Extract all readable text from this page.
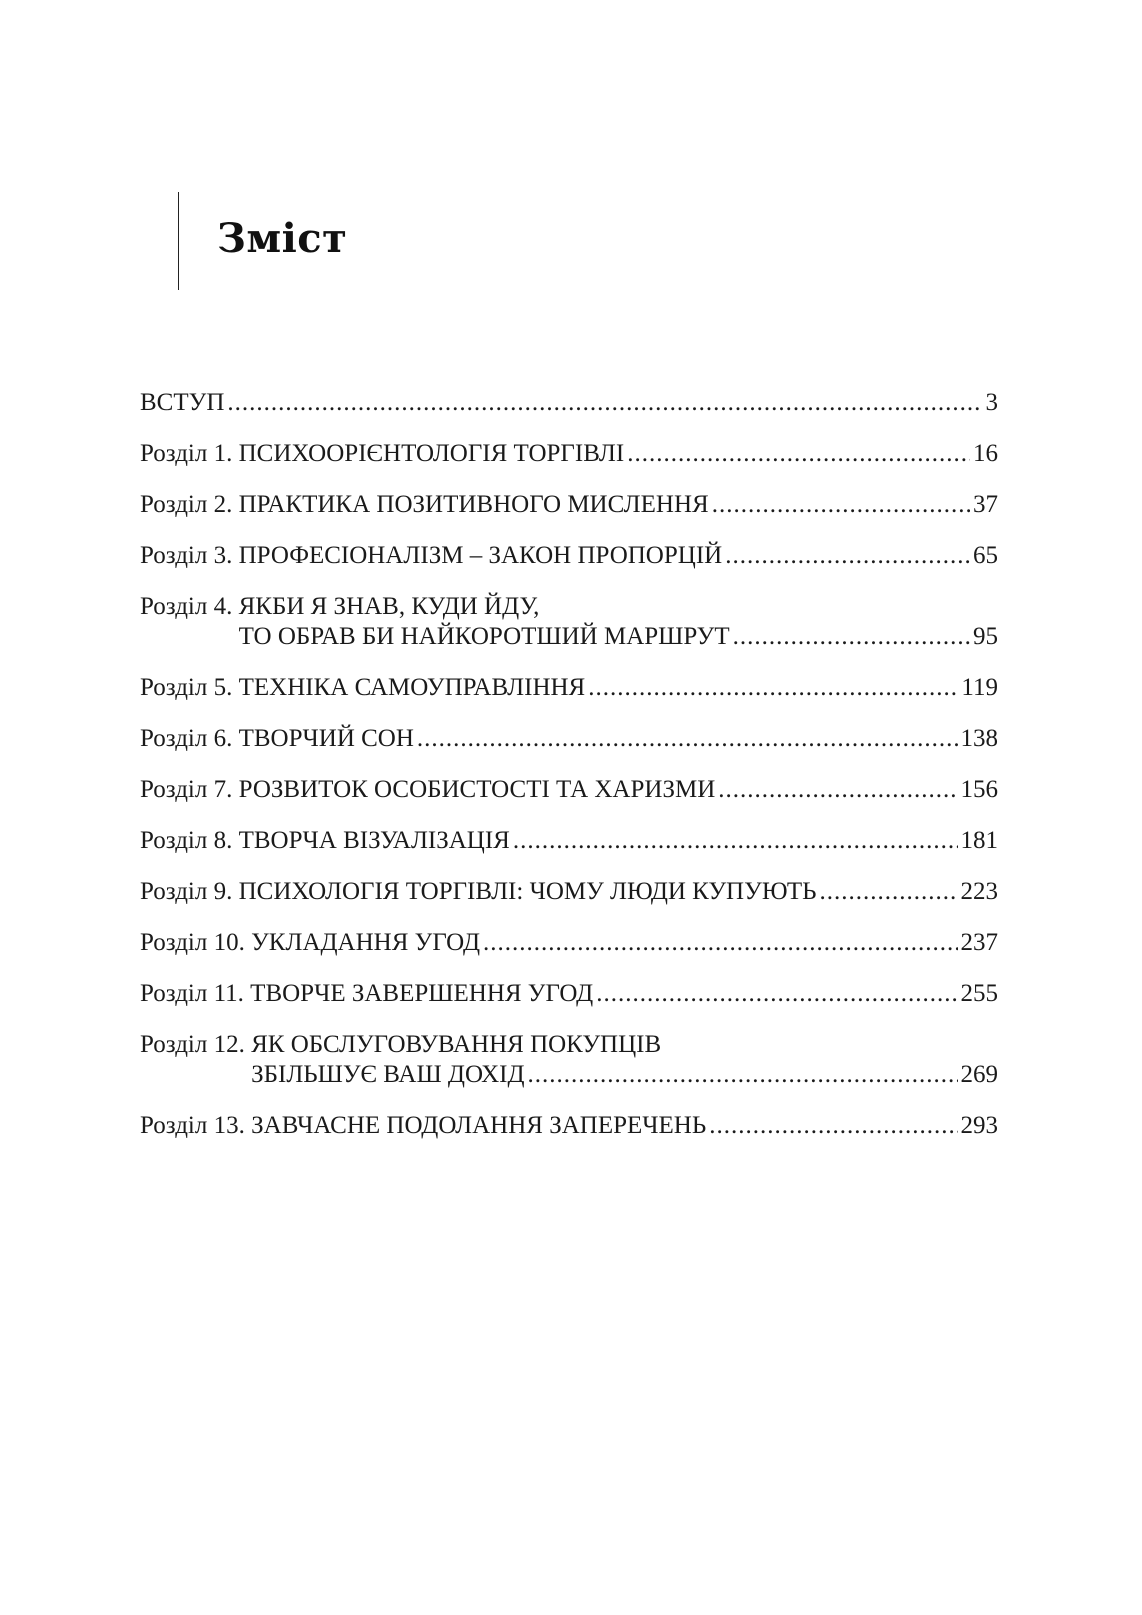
Зміст
ВСТУП .....	3
Розділ 1. ПСИХООРІЄНТОЛОГІЯ ТОРГІВЛІ .....	16
Розділ 2. ПРАКТИКА ПОЗИТИВНОГО МИСЛЕННЯ .....	37
Розділ 3. ПРОФЕСІОНАЛІЗМ – ЗАКОН ПРОПОРЦІЙ .....	65
Розділ 4. ЯКБИ Я ЗНАВ, КУДИ ЙДУ,
ТО ОБРАВ БИ НАЙКОРОТШИЙ МАРШРУТ .....	95
Розділ 5. ТЕХНІКА САМОУПРАВЛІННЯ .....	119
Розділ 6. ТВОРЧИЙ СОН .....	138
Розділ 7. РОЗВИТОК ОСОБИСТОСТІ ТА ХАРИЗМИ .....	156
Розділ 8. ТВОРЧА ВІЗУАЛІЗАЦІЯ .....	181
Розділ 9. ПСИХОЛОГІЯ ТОРГІВЛІ: ЧОМУ ЛЮДИ КУПУЮТЬ .....	223
Розділ 10. УКЛАДАННЯ УГОД .....	237
Розділ 11. ТВОРЧЕ ЗАВЕРШЕННЯ УГОД .....	255
Розділ 12. ЯК ОБСЛУГОВУВАННЯ ПОКУПЦІВ
ЗБІЛЬШУЄ ВАШ ДОХІД .....	269
Розділ 13. ЗАВЧАСНЕ ПОДОЛАННЯ ЗАПЕРЕЧЕНЬ .....	293
